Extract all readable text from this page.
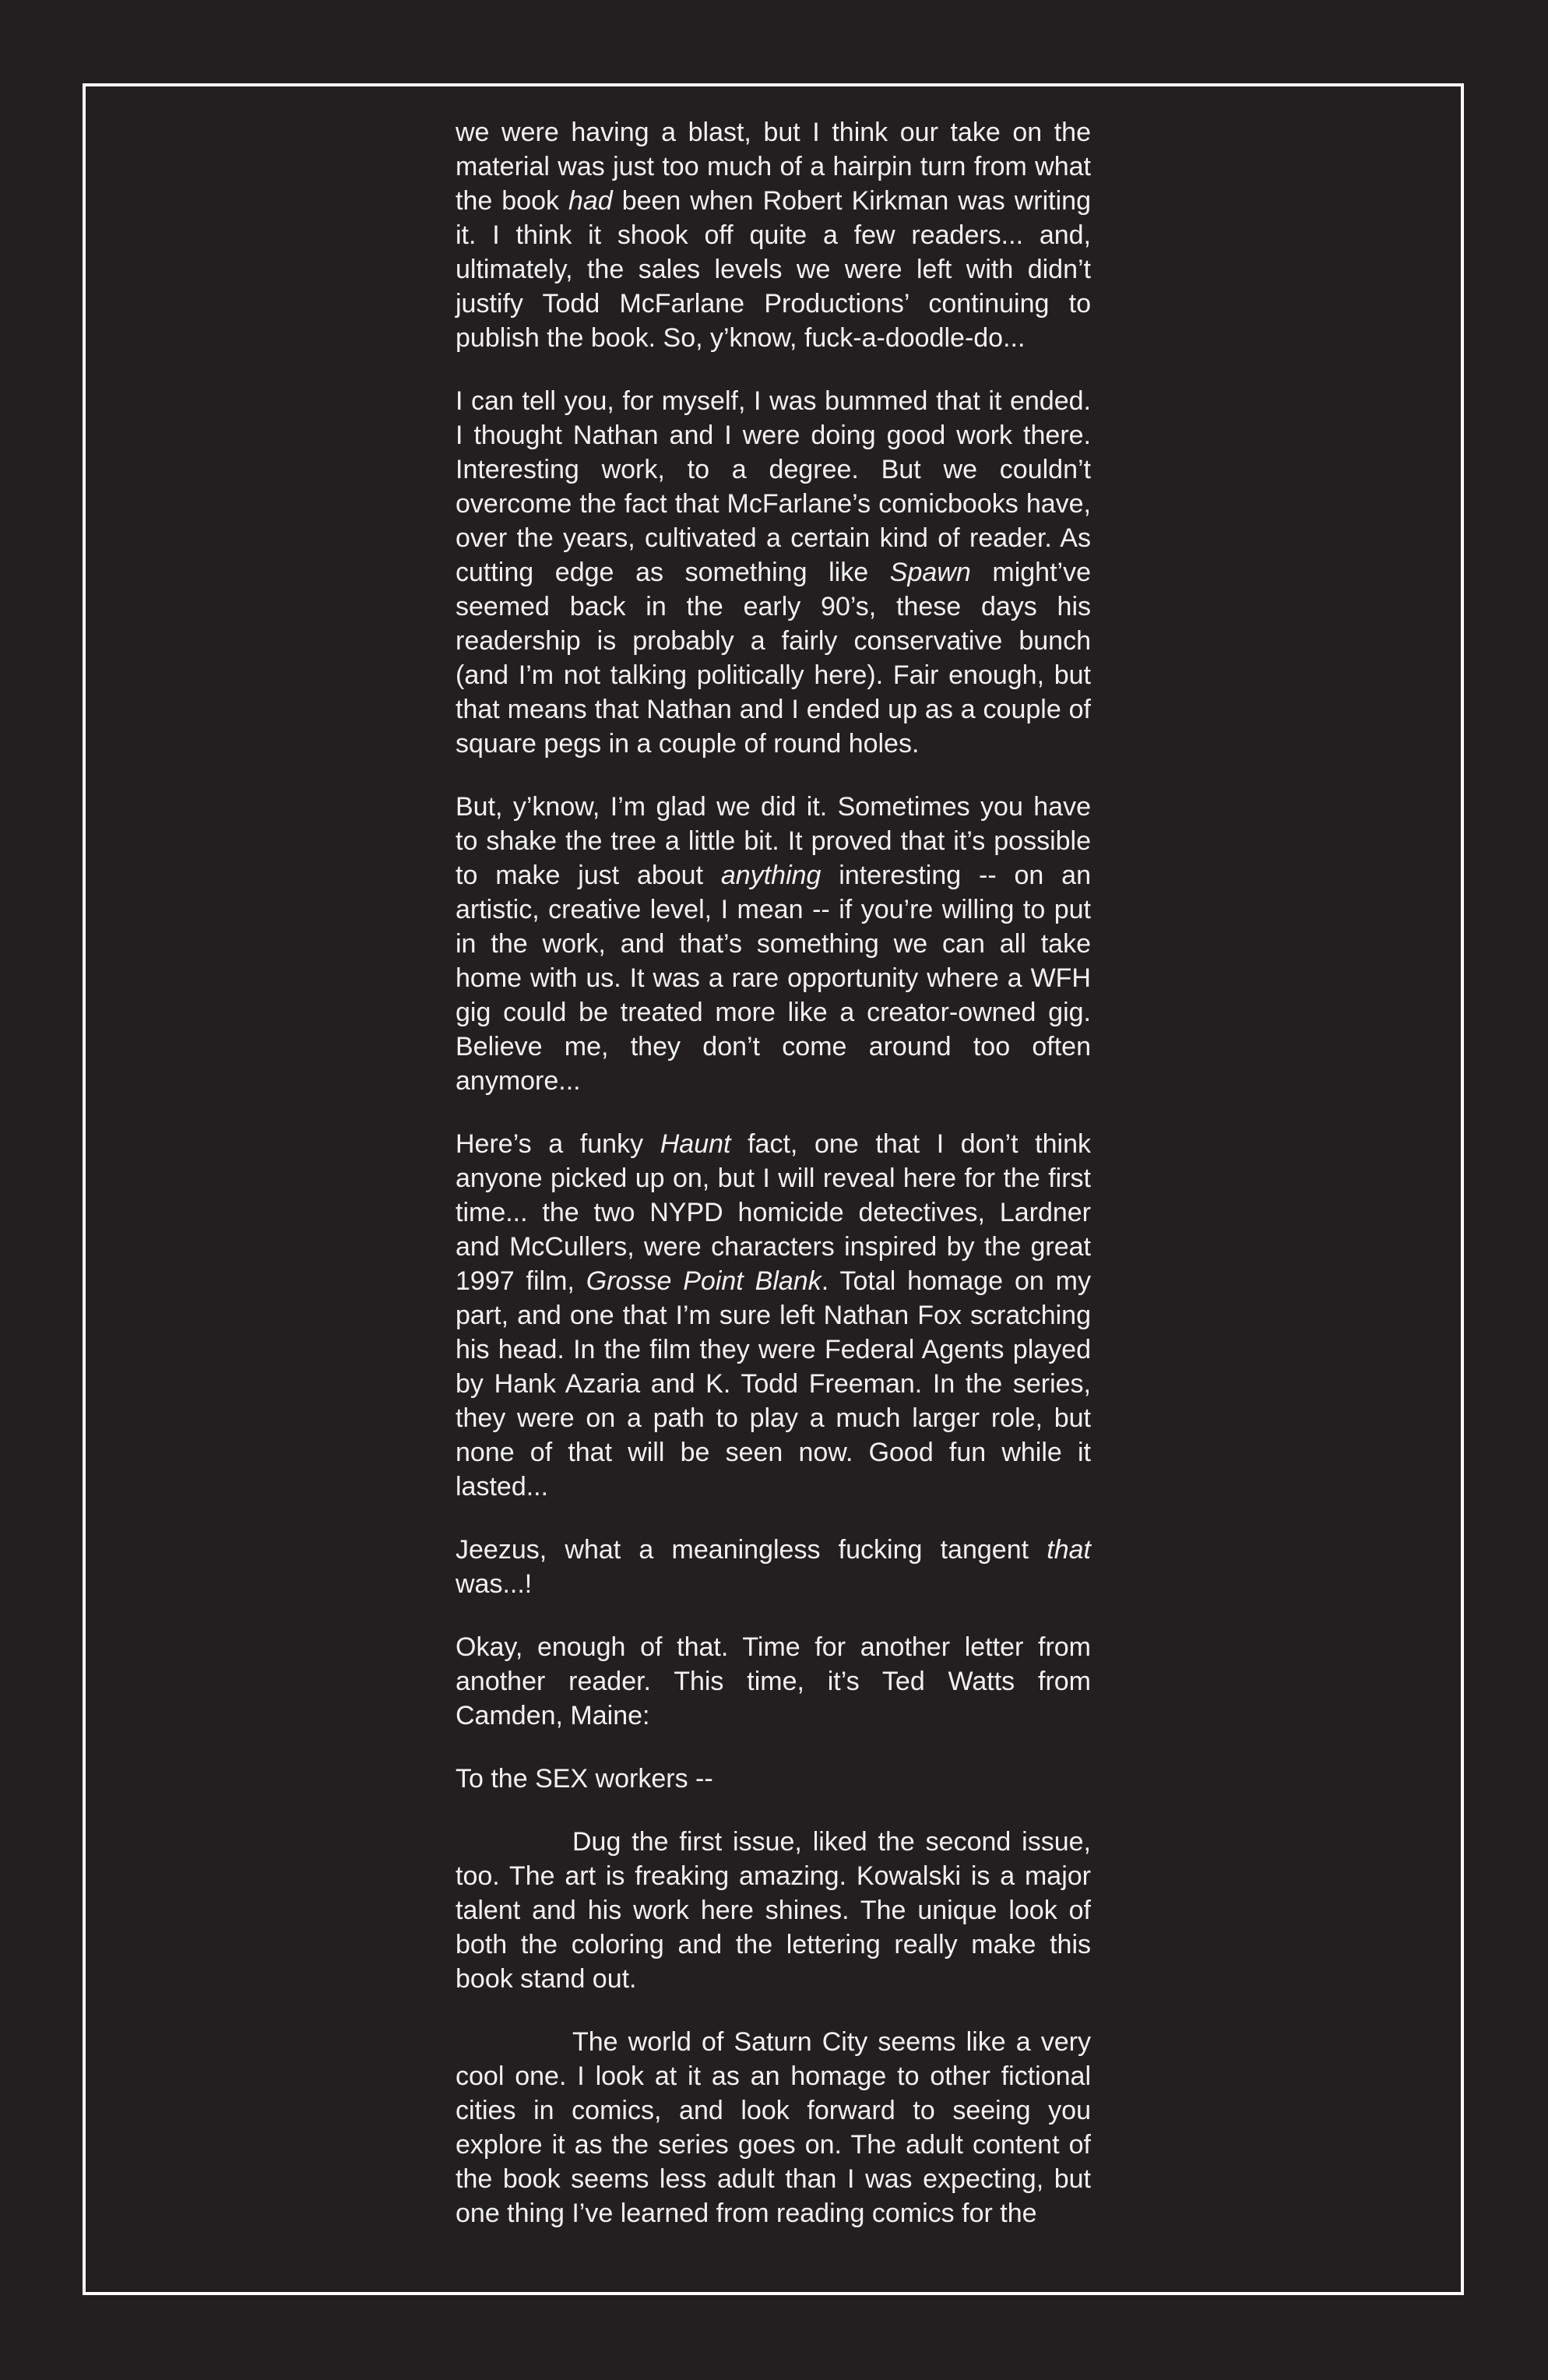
we were having a blast, but I think our take on the material was just too much of a hairpin turn from what the book had been when Robert Kirkman was writing it. I think it shook off quite a few readers... and, ultimately, the sales levels we were left with didn’t justify Todd McFarlane Productions’ continuing to publish the book. So, y’know, fuck-a-doodle-do...

I can tell you, for myself, I was bummed that it ended. I thought Nathan and I were doing good work there. Interesting work, to a degree. But we couldn’t overcome the fact that McFarlane’s comicbooks have, over the years, cultivated a certain kind of reader. As cutting edge as something like Spawn might’ve seemed back in the early 90’s, these days his readership is probably a fairly conservative bunch (and I’m not talking politically here). Fair enough, but that means that Nathan and I ended up as a couple of square pegs in a couple of round holes.

But, y’know, I’m glad we did it. Sometimes you have to shake the tree a little bit. It proved that it’s possible to make just about anything interesting -- on an artistic, creative level, I mean -- if you’re willing to put in the work, and that’s something we can all take home with us. It was a rare opportunity where a WFH gig could be treated more like a creator-owned gig. Believe me, they don’t come around too often anymore...

Here’s a funky Haunt fact, one that I don’t think anyone picked up on, but I will reveal here for the first time... the two NYPD homicide detectives, Lardner and McCullers, were characters inspired by the great 1997 film, Grosse Point Blank. Total homage on my part, and one that I’m sure left Nathan Fox scratching his head. In the film they were Federal Agents played by Hank Azaria and K. Todd Freeman. In the series, they were on a path to play a much larger role, but none of that will be seen now. Good fun while it lasted...

Jeezus, what a meaningless fucking tangent that was...!

Okay, enough of that. Time for another letter from another reader. This time, it’s Ted Watts from Camden, Maine:

To the SEX workers --

Dug the first issue, liked the second issue, too. The art is freaking amazing. Kowalski is a major talent and his work here shines. The unique look of both the coloring and the lettering really make this book stand out.

The world of Saturn City seems like a very cool one. I look at it as an homage to other fictional cities in comics, and look forward to seeing you explore it as the series goes on. The adult content of the book seems less adult than I was expecting, but one thing I’ve learned from reading comics for the
